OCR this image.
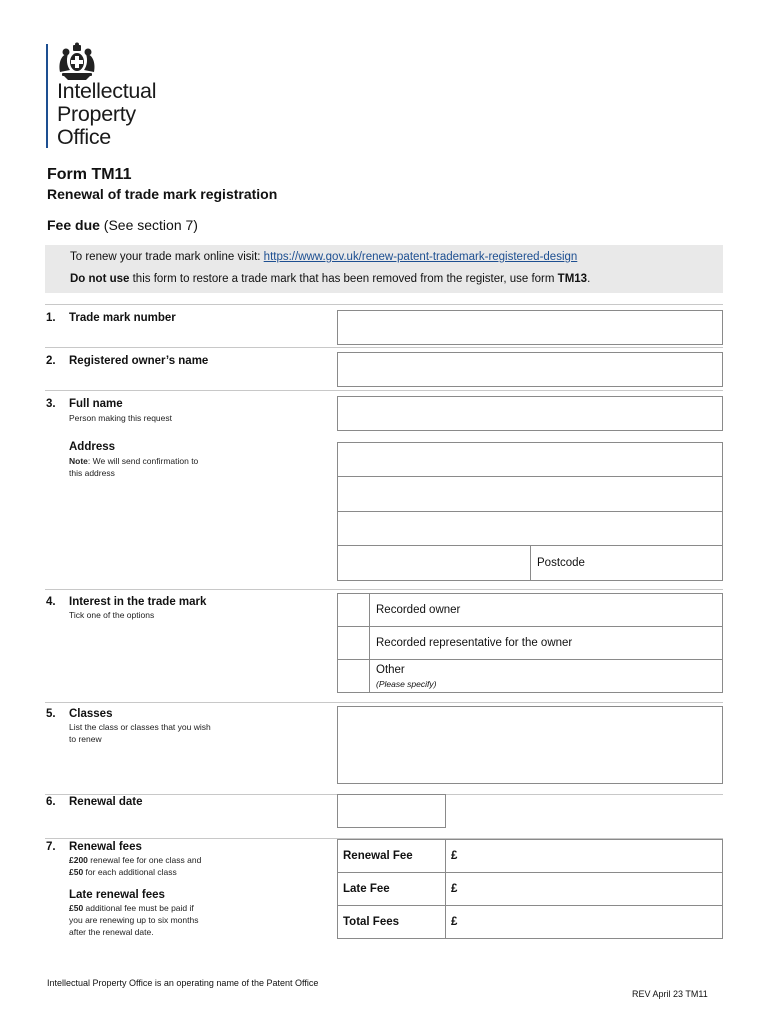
Intellectual
Property
Office
Form TM11
Renewal of trade mark registration
Fee due (See section 7)
To renew your trade mark online visit: https://www.gov.uk/renew-patent-trademark-registered-design
Do not use this form to restore a trade mark that has been removed from the register, use form TM13.
1. Trade mark number
2. Registered owner’s name
3. Full name
Person making this request
Address
Note: We will send confirmation to
this address
Postcode
4. Interest in the trade mark
Tick one of the options	Recorded owner
Recorded representative for the owner
Other
(Please specify)
5. Classes
List the class or classes that you wish
to renew
6. Renewal date
7. Renewal fees
£200 renewal fee for one class and
£50 for each additional class
Late renewal fees
£50 additional fee must be paid if
you are renewing up to six months
after the renewal date.
Renewal Fee	£
Late Fee	£
Total Fees	£
Intellectual Property Office is an operating name of the Patent Office
REV April 23 TM11
